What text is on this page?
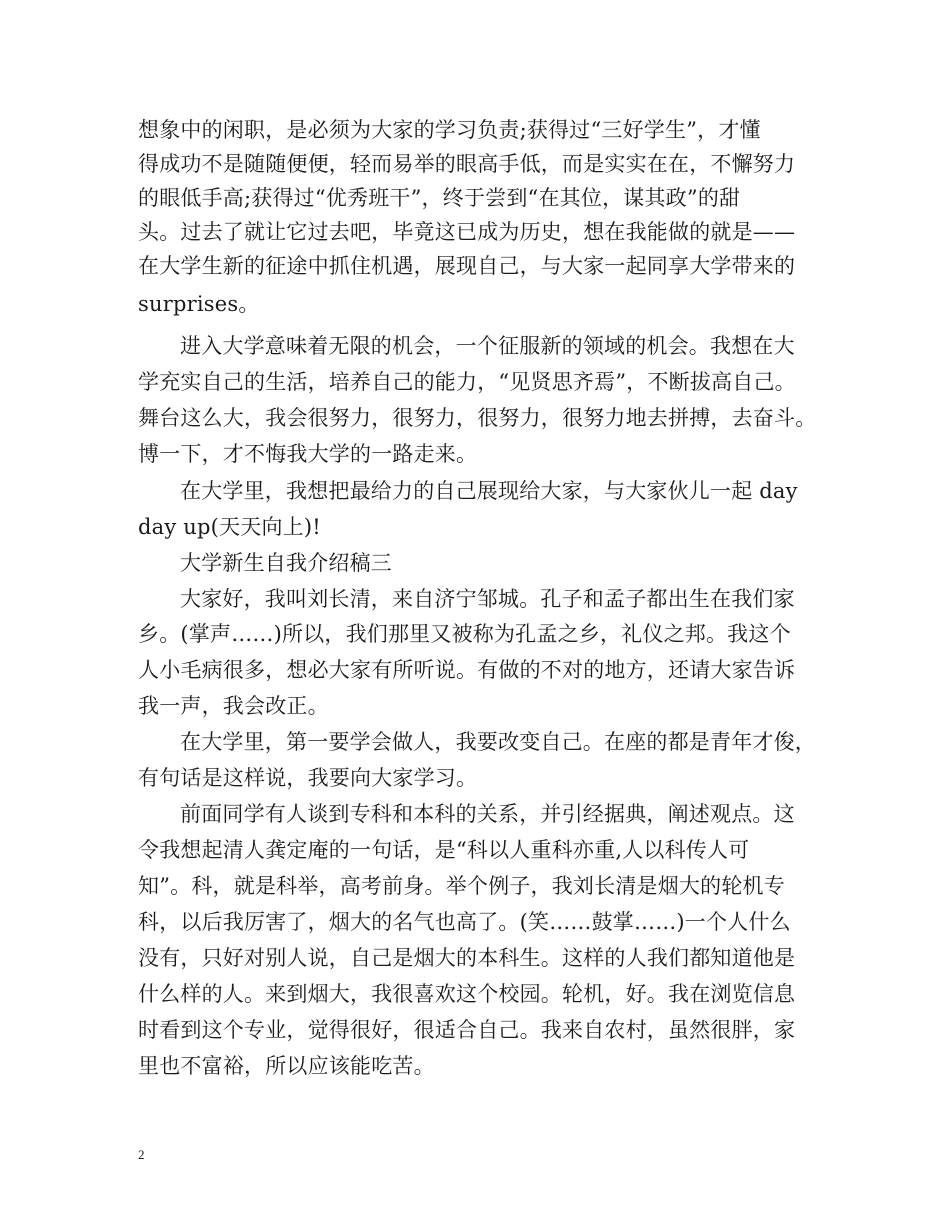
想象中的闲职，是必须为大家的学习负责;获得过“三好学生”，才懂
得成功不是随随便便，轻而易举的眼高手低，而是实实在在，不懈努力
的眼低手高;获得过“优秀班干”，终于尝到“在其位，谋其政”的甜
头。过去了就让它过去吧，毕竟这已成为历史，想在我能做的就是——
在大学生新的征途中抓住机遇，展现自己，与大家一起同享大学带来的
surprises。
进入大学意味着无限的机会，一个征服新的领域的机会。我想在大
学充实自己的生活，培养自己的能力，“见贤思齐焉”，不断拔高自己。
舞台这么大，我会很努力，很努力，很努力，很努力地去拼搏，去奋斗。
博一下，才不悔我大学的一路走来。
在大学里，我想把最给力的自己展现给大家，与大家伙儿一起 day
day up(天天向上)!
大学新生自我介绍稿三
大家好，我叫刘长清，来自济宁邹城。孔子和孟子都出生在我们家
乡。(掌声……)所以，我们那里又被称为孔孟之乡，礼仪之邦。我这个
人小毛病很多，想必大家有所听说。有做的不对的地方，还请大家告诉
我一声，我会改正。
在大学里，第一要学会做人，我要改变自己。在座的都是青年才俊，
有句话是这样说，我要向大家学习。
前面同学有人谈到专科和本科的关系，并引经据典，阐述观点。这
令我想起清人龚定庵的一句话，是“科以人重科亦重,人以科传人可
知”。科，就是科举，高考前身。举个例子，我刘长清是烟大的轮机专
科，以后我厉害了，烟大的名气也高了。(笑……鼓掌……)一个人什么
没有，只好对别人说，自己是烟大的本科生。这样的人我们都知道他是
什么样的人。来到烟大，我很喜欢这个校园。轮机，好。我在浏览信息
时看到这个专业，觉得很好，很适合自己。我来自农村，虽然很胖，家
里也不富裕，所以应该能吃苦。
2
